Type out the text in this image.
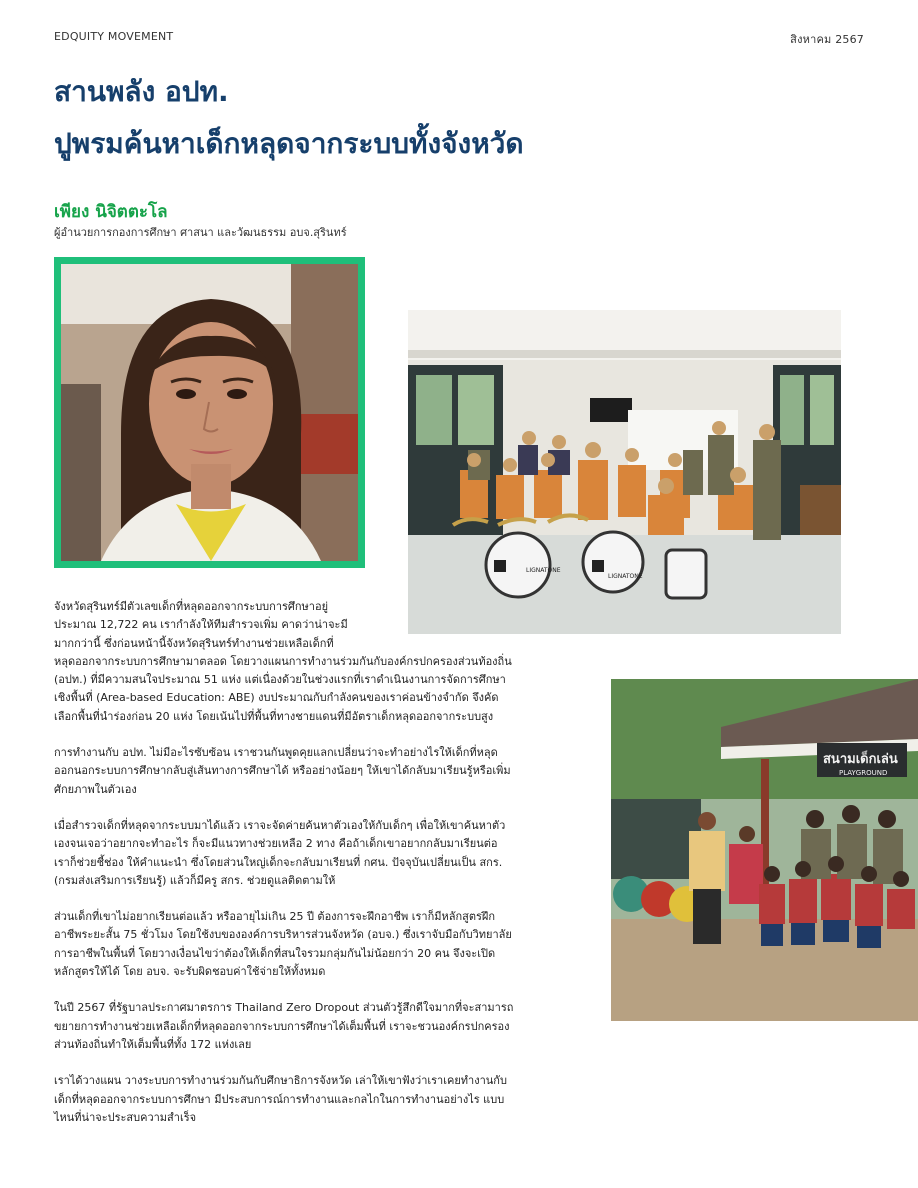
EDQUITY MOVEMENT	สิงหาคม 2567
สานพลัง อปท.
ปูพรมค้นหาเด็กหลุดจากระบบทั้งจังหวัด
เพียง นิจิตตะโล
ผู้อำนวยการกองการศึกษา ศาสนา และวัฒนธรรม อบจ.สุรินทร์
LIGNATONE
LIGNATONE
สนามเด็กเล่น
PLAYGROUND

จังหวัดสุรินทร์มีตัวเลขเด็กที่หลุดออกจากระบบการศึกษาอยู่
ประมาณ 12,722 คน เรากำลังให้ทีมสำรวจเพิ่ม คาดว่าน่าจะมี
มากกว่านี้ ซึ่งก่อนหน้านี้จังหวัดสุรินทร์ทำงานช่วยเหลือเด็กที่
หลุดออกจากระบบการศึกษามาตลอด โดยวางแผนการทำงานร่วมกันกับองค์กรปกครองส่วนท้องถิ่น (อปท.) ที่มีความสนใจประมาณ 51 แห่ง แต่เนื่องด้วยในช่วงแรกที่เราดำเนินงานการจัดการศึกษาเชิงพื้นที่ (Area-based Education: ABE) งบประมาณกับกำลังคนของเราค่อนข้างจำกัด จึงคัดเลือกพื้นที่นำร่องก่อน 20 แห่ง โดยเน้นไปที่พื้นที่ทางชายแดนที่มีอัตราเด็กหลุดออกจากระบบสูง

การทำงานกับ อปท. ไม่มีอะไรซับซ้อน เราชวนกันพูดคุยแลกเปลี่ยนว่าจะทำอย่างไรให้เด็กที่หลุดออกนอกระบบการศึกษากลับสู่เส้นทางการศึกษาได้ หรืออย่างน้อยๆ ให้เขาได้กลับมาเรียนรู้หรือเพิ่มศักยภาพในตัวเอง

เมื่อสำรวจเด็กที่หลุดจากระบบมาได้แล้ว เราจะจัดค่ายค้นหาตัวเองให้กับเด็กๆ เพื่อให้เขาค้นหาตัวเองจนเจอว่าอยากจะทำอะไร ก็จะมีแนวทางช่วยเหลือ 2 ทาง คือถ้าเด็กเขาอยากกลับมาเรียนต่อ เราก็ช่วยชี้ช่อง ให้คำแนะนำ ซึ่งโดยส่วนใหญ่เด็กจะกลับมาเรียนที่ กศน. ปัจจุบันเปลี่ยนเป็น สกร. (กรมส่งเสริมการเรียนรู้) แล้วก็มีครู สกร. ช่วยดูแลติดตามให้

ส่วนเด็กที่เขาไม่อยากเรียนต่อแล้ว หรืออายุไม่เกิน 25 ปี ต้องการจะฝึกอาชีพ เราก็มีหลักสูตรฝึกอาชีพระยะสั้น 75 ชั่วโมง โดยใช้งบขององค์การบริหารส่วนจังหวัด (อบจ.) ซึ่งเราจับมือกับวิทยาลัยการอาชีพในพื้นที่ โดยวางเงื่อนไขว่าต้องให้เด็กที่สนใจรวมกลุ่มกันไม่น้อยกว่า 20 คน จึงจะเปิดหลักสูตรให้ได้ โดย อบจ. จะรับผิดชอบค่าใช้จ่ายให้ทั้งหมด

ในปี 2567 ที่รัฐบาลประกาศมาตรการ Thailand Zero Dropout ส่วนตัวรู้สึกดีใจมากที่จะสามารถขยายการทำงานช่วยเหลือเด็กที่หลุดออกจากระบบการศึกษาได้เต็มพื้นที่ เราจะชวนองค์กรปกครองส่วนท้องถิ่นทำให้เต็มพื้นที่ทั้ง 172 แห่งเลย

เราได้วางแผน วางระบบการทำงานร่วมกันกับศึกษาธิการจังหวัด เล่าให้เขาฟังว่าเราเคยทำงานกับเด็กที่หลุดออกจากระบบการศึกษา มีประสบการณ์การทำงานและกลไกในการทำงานอย่างไร แบบไหนที่น่าจะประสบความสำเร็จ
